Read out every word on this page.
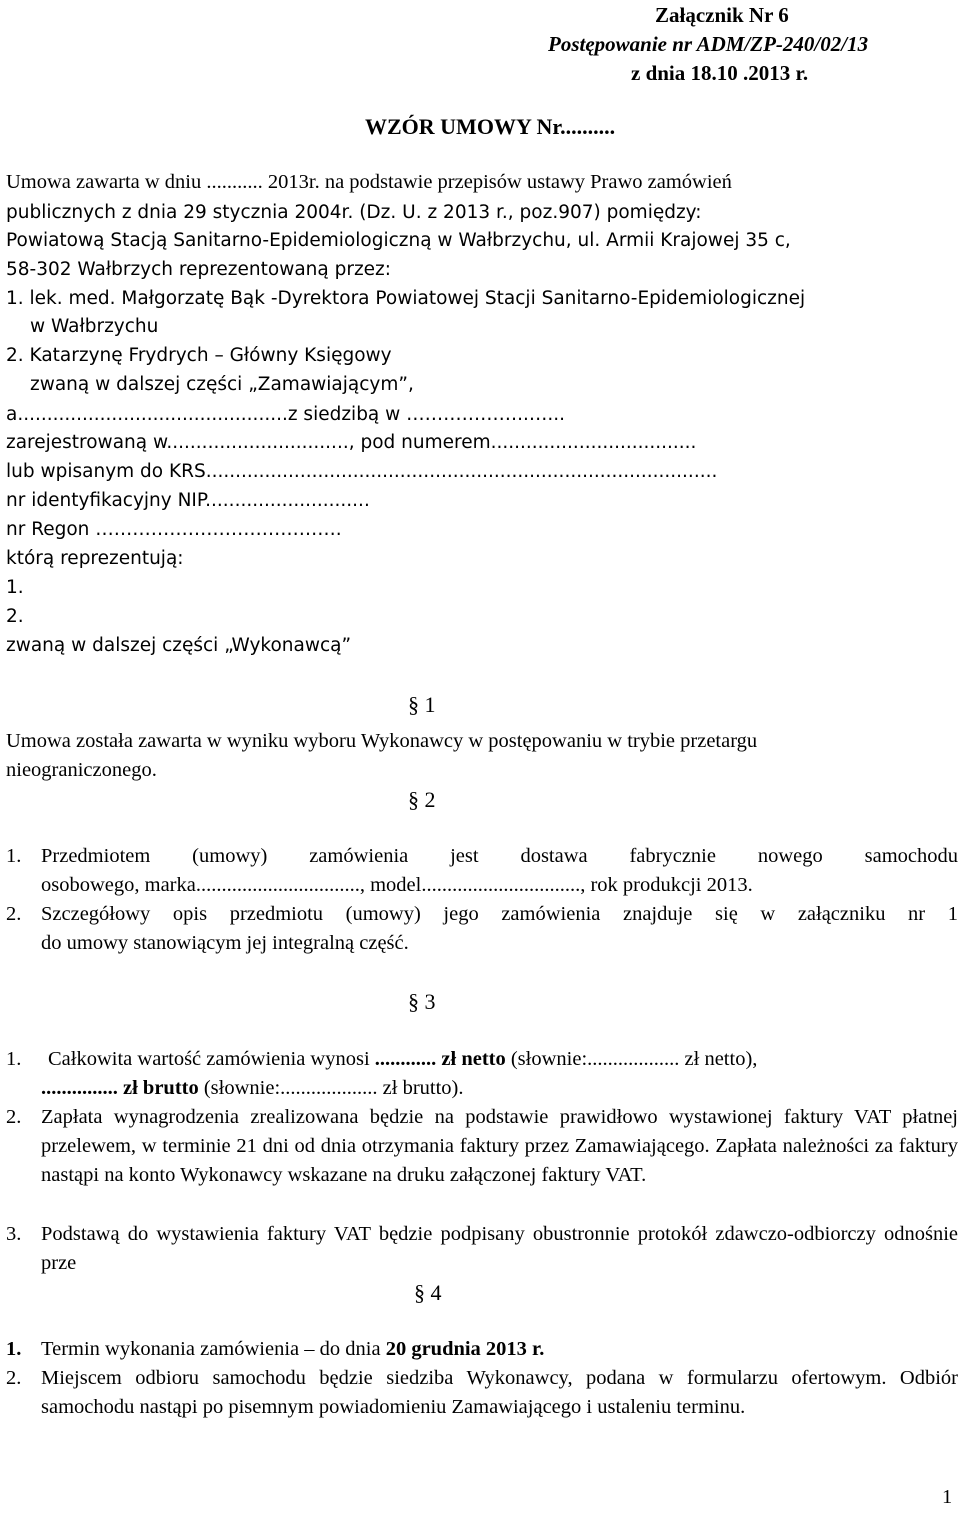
Załącznik Nr 6
Postępowanie nr ADM/ZP-240/02/13
z dnia 18.10 .2013 r.
WZÓR UMOWY Nr..........
Umowa zawarta w dniu ........... 2013r. na podstawie przepisów ustawy Prawo zamówień
publicznych z dnia 29 stycznia 2004r. (Dz. U. z 2013 r., poz.907) pomiędzy:
Powiatową Stacją Sanitarno-Epidemiologiczną w Wałbrzychu, ul. Armii Krajowej 35 c,
58-302 Wałbrzych reprezentowaną przez:
1. lek. med. Małgorzatę Bąk -Dyrektora Powiatowej Stacji Sanitarno-Epidemiologicznej
w Wałbrzychu
2. Katarzynę Frydrych – Główny Księgowy
zwaną w dalszej części „Zamawiającym”,
a..............................................z siedzibą w ………………..…...
zarejestrowaną w..............................., pod numerem...................................
lub wpisanym do KRS.......................................................................................
nr identyfikacyjny NIP............................
nr Regon ………………………………….
którą reprezentują:
1.
2.
zwaną w dalszej części „Wykonawcą”
§ 1
Umowa została zawarta w wyniku wyboru Wykonawcy w postępowaniu w trybie przetargu
nieograniczonego.
§ 2
1. Przedmiotem (umowy) zamówienia jest dostawa fabrycznie nowego samochodu
osobowego, marka................................, model..............................., rok produkcji 2013.
2. Szczegółowy opis przedmiotu (umowy) jego zamówienia znajduje się w załączniku nr 1
do umowy stanowiącym jej integralną część.
§ 3
1. Całkowita wartość zamówienia wynosi ............ zł netto (słownie:.................. zł netto),
............... zł brutto (słownie:................... zł brutto).
2. Zapłata wynagrodzenia zrealizowana będzie na podstawie prawidłowo wystawionej faktury VAT płatnej przelewem, w terminie 21 dni od dnia otrzymania faktury przez Zamawiającego. Zapłata należności za faktury nastąpi na konto Wykonawcy wskazane na druku załączonej faktury VAT.
3. Podstawą do wystawienia faktury VAT będzie podpisany obustronnie protokół zdawczo-odbiorczy odnośnie prze
§ 4
1. Termin wykonania zamówienia – do dnia 20 grudnia 2013 r.
2. Miejscem odbioru samochodu będzie siedziba Wykonawcy, podana w formularzu ofertowym. Odbiór samochodu nastąpi po pisemnym powiadomieniu Zamawiającego i ustaleniu terminu.
1
